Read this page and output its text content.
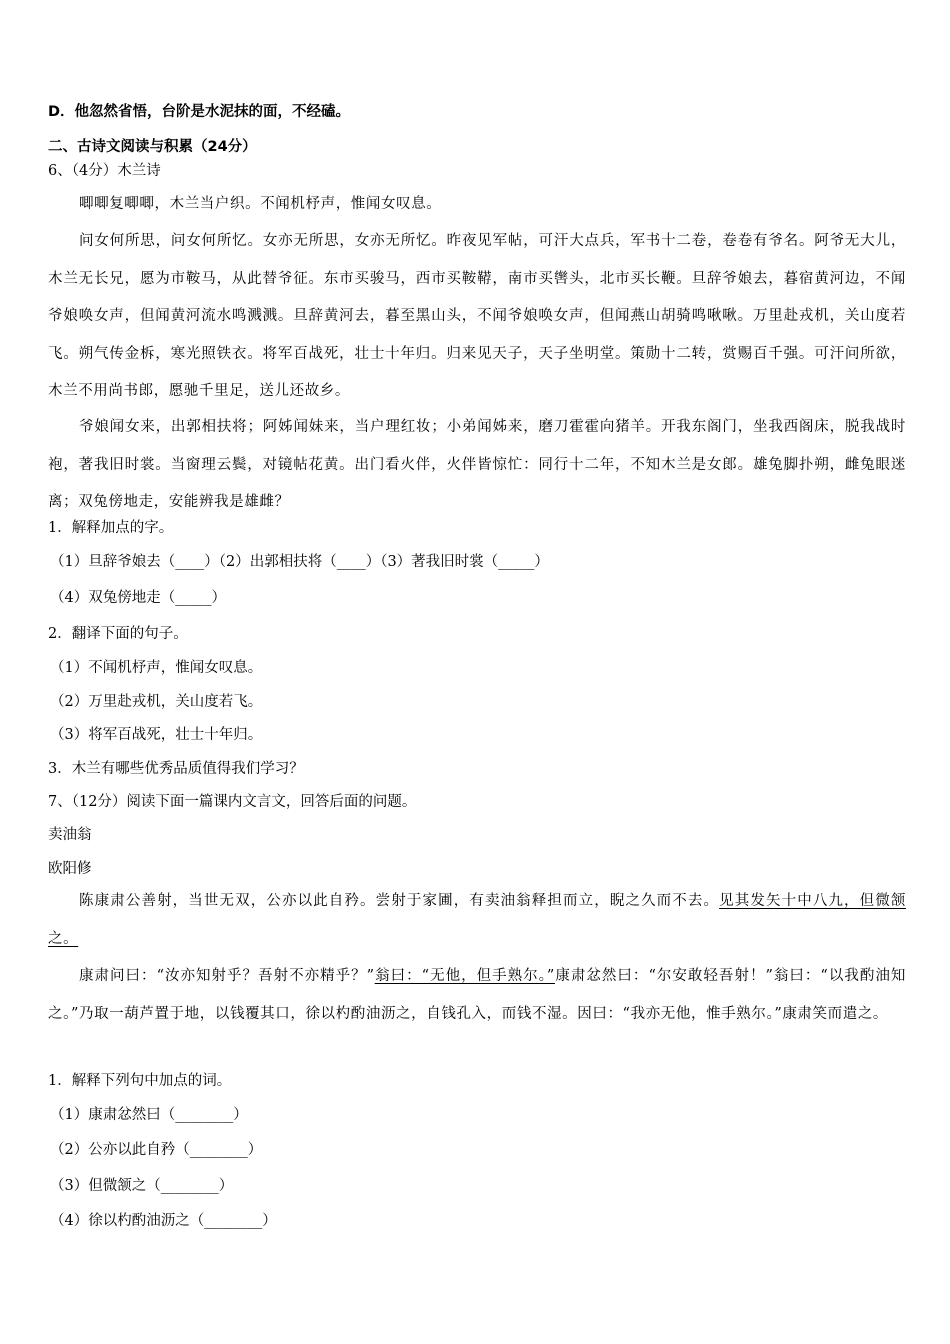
D．他忽然省悟，台阶是水泥抹的面，不经磕。
二、古诗文阅读与积累（24分）
6、（4分）木兰诗
唧唧复唧唧，木兰当户织。不闻机杼声，惟闻女叹息。
问女何所思，问女何所忆。女亦无所思，女亦无所忆。昨夜见军帖，可汗大点兵，军书十二卷，卷卷有爷名。阿爷无大儿，木兰无长兄，愿为市鞍马，从此替爷征。东市买骏马，西市买鞍鞯，南市买辔头，北市买长鞭。旦辞爷娘去，暮宿黄河边，不闻爷娘唤女声，但闻黄河流水鸣溅溅。旦辞黄河去，暮至黑山头，不闻爷娘唤女声，但闻燕山胡骑鸣啾啾。万里赴戎机，关山度若飞。朔气传金柝，寒光照铁衣。将军百战死，壮士十年归。归来见天子，天子坐明堂。策勋十二转，赏赐百千强。可汗问所欲，木兰不用尚书郎，愿驰千里足，送儿还故乡。
爷娘闻女来，出郭相扶将；阿姊闻妹来，当户理红妆；小弟闻姊来，磨刀霍霍向猪羊。开我东阁门，坐我西阁床，脱我战时袍，著我旧时裳。当窗理云鬓，对镜帖花黄。出门看火伴，火伴皆惊忙：同行十二年，不知木兰是女郎。雄兔脚扑朔，雌兔眼迷离；双兔傍地走，安能辨我是雄雌？
1．解释加点的字。
（1）旦辞爷娘去（____）（2）出郭相扶将（____）（3）著我旧时裳（_____）
（4）双兔傍地走（_____）
2．翻译下面的句子。
（1）不闻机杼声，惟闻女叹息。
（2）万里赴戎机，关山度若飞。
（3）将军百战死，壮士十年归。
3．木兰有哪些优秀品质值得我们学习？
7、（12分）阅读下面一篇课内文言文，回答后面的问题。
卖油翁
欧阳修
陈康肃公善射，当世无双，公亦以此自矜。尝射于家圃，有卖油翁释担而立，睨之久而不去。见其发矢十中八九，但微颔之。
康肃问曰：“汝亦知射乎？吾射不亦精乎？”翁曰：“无他，但手熟尔。”康肃忿然曰：“尔安敢轻吾射！”翁曰：“以我酌油知之。”乃取一葫芦置于地，以钱覆其口，徐以杓酌油沥之，自钱孔入，而钱不湿。因曰：“我亦无他，惟手熟尔。”康肃笑而遣之。
1．解释下列句中加点的词。
（1）康肃忿然曰（________）
（2）公亦以此自矜（________）
（3）但微颔之（________）
（4）徐以杓酌油沥之（________）
